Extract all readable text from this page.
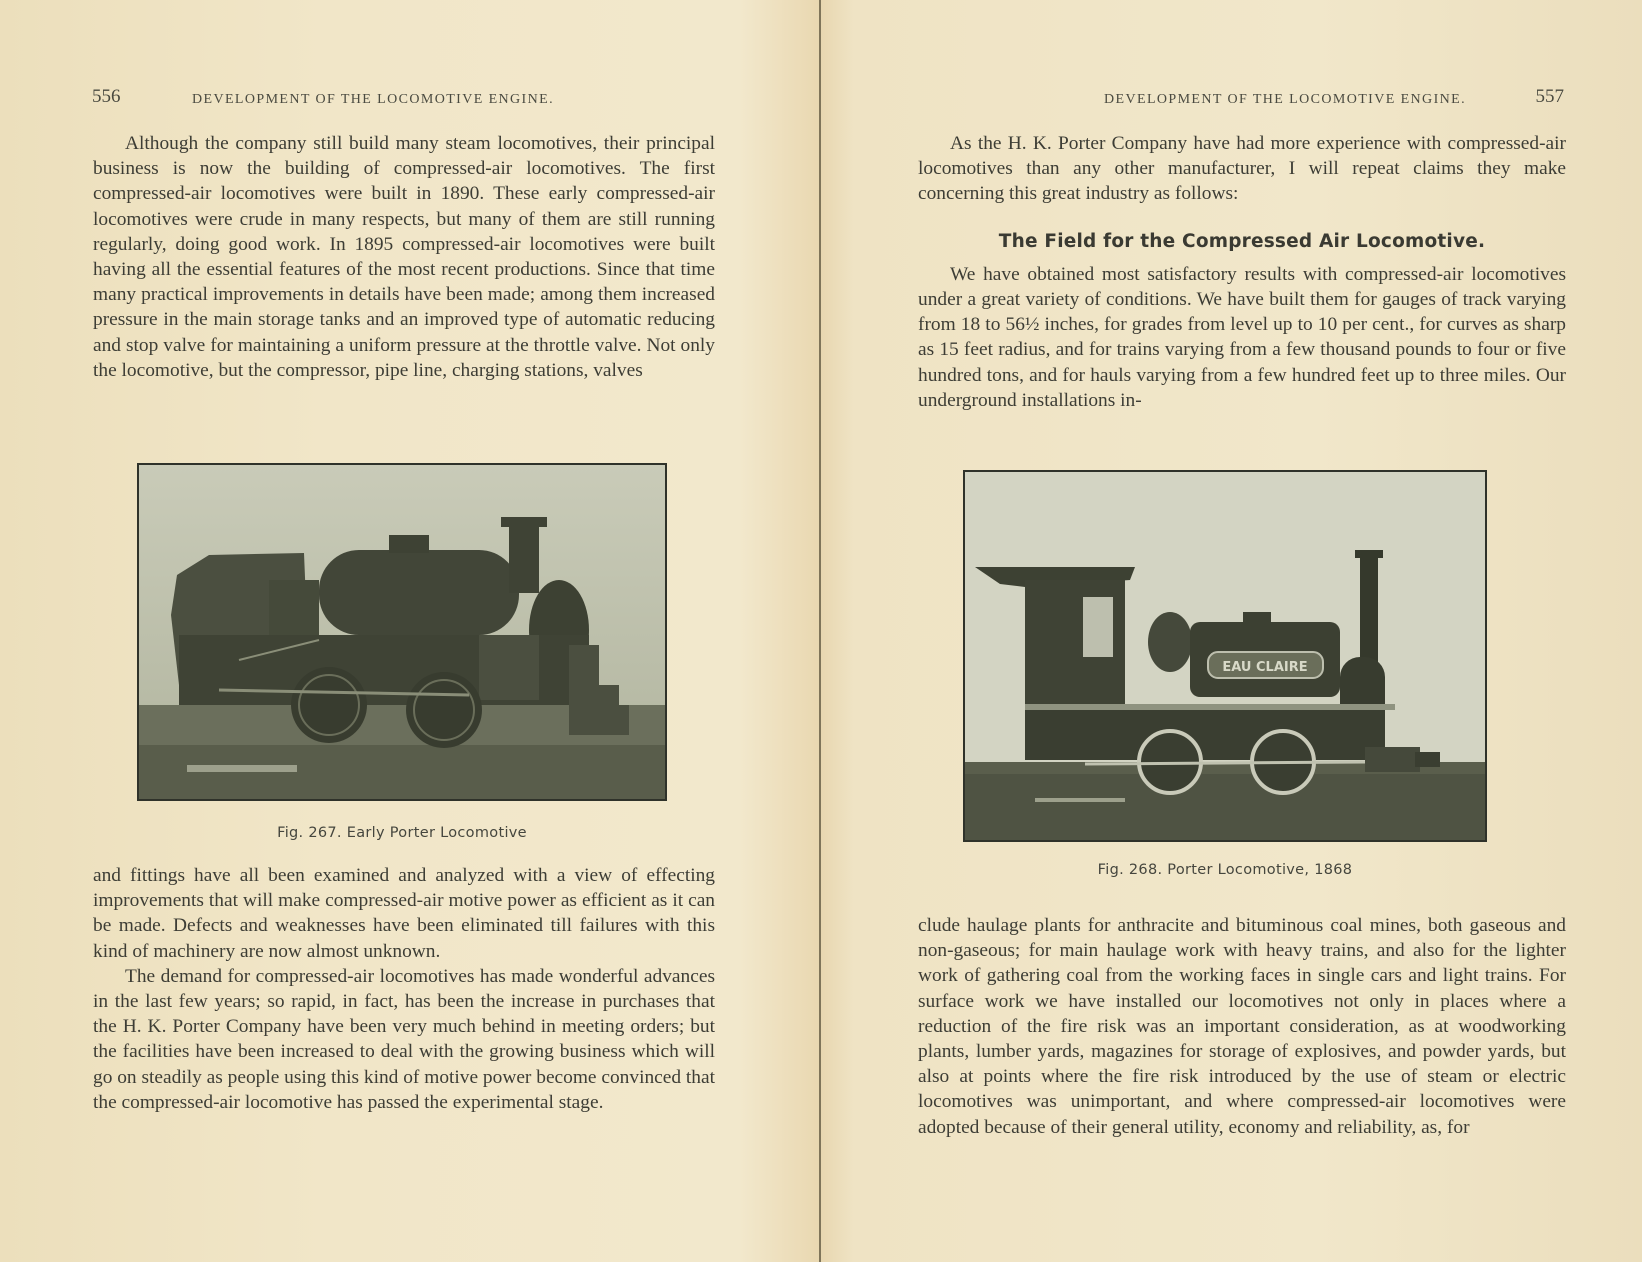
556	DEVELOPMENT OF THE LOCOMOTIVE ENGINE.

Although the company still build many steam locomotives, their principal business is now the building of compressed-air locomotives. The first compressed-air locomotives were built in 1890. These early compressed-air locomotives were crude in many respects, but many of them are still running regularly, doing good work. In 1895 compressed-air locomotives were built having all the essential features of the most recent productions. Since that time many practical improvements in details have been made; among them increased pressure in the main storage tanks and an improved type of automatic reducing and stop valve for maintaining a uniform pressure at the throttle valve. Not only the locomotive, but the compressor, pipe line, charging stations, valves

Fig. 267. Early Porter Locomotive

and fittings have all been examined and analyzed with a view of effecting improvements that will make compressed-air motive power as efficient as it can be made. Defects and weaknesses have been eliminated till failures with this kind of machinery are now almost unknown.

The demand for compressed-air locomotives has made wonderful advances in the last few years; so rapid, in fact, has been the increase in purchases that the H. K. Porter Company have been very much behind in meeting orders; but the facilities have been increased to deal with the growing business which will go on steadily as people using this kind of motive power become convinced that the compressed-air locomotive has passed the experimental stage.

DEVELOPMENT OF THE LOCOMOTIVE ENGINE.	557

As the H. K. Porter Company have had more experience with compressed-air locomotives than any other manufacturer, I will repeat claims they make concerning this great industry as follows:

The Field for the Compressed Air Locomotive.

We have obtained most satisfactory results with compressed-air locomotives under a great variety of conditions. We have built them for gauges of track varying from 18 to 56½ inches, for grades from level up to 10 per cent., for curves as sharp as 15 feet radius, and for trains varying from a few thousand pounds to four or five hundred tons, and for hauls varying from a few hundred feet up to three miles. Our underground installations in-

EAU CLAIRE
Fig. 268. Porter Locomotive, 1868

clude haulage plants for anthracite and bituminous coal mines, both gaseous and non-gaseous; for main haulage work with heavy trains, and also for the lighter work of gathering coal from the working faces in single cars and light trains. For surface work we have installed our locomotives not only in places where a reduction of the fire risk was an important consideration, as at woodworking plants, lumber yards, magazines for storage of explosives, and powder yards, but also at points where the fire risk introduced by the use of steam or electric locomotives was unimportant, and where compressed-air locomotives were adopted because of their general utility, economy and reliability, as, for
